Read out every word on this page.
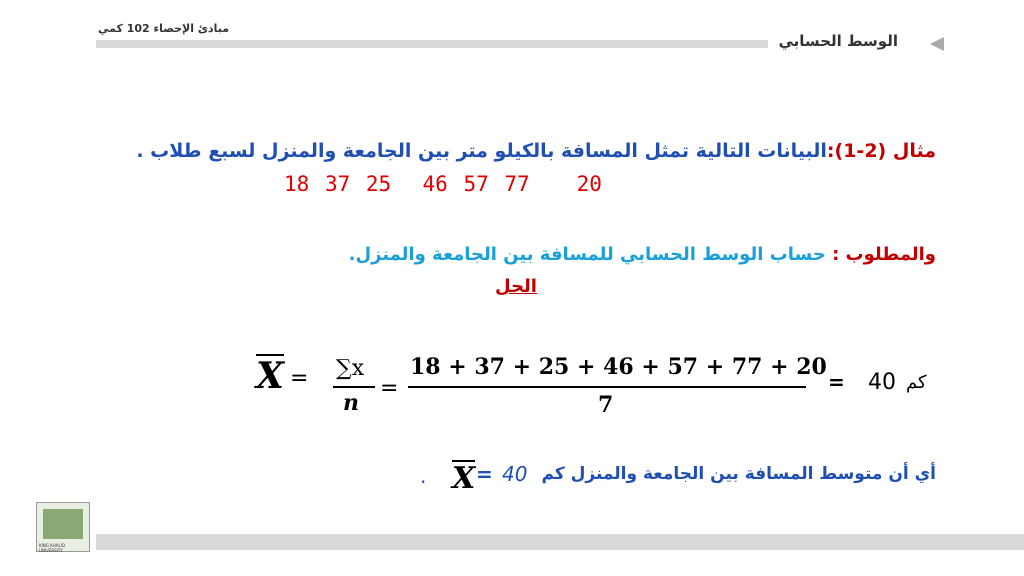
مبادئ الإحصاء 102 كمي
الوسط الحسابي
مثال (2-1):البيانات التالية تمثل المسافة بالكيلو متر بين الجامعة والمنزل لسبع طلاب .
18 37 25 46 57 77 20
والمطلوب : حساب الوسط الحسابي للمسافة بين الجامعة والمنزل.
الحل
X = ∑x
n
=
18 + 37 + 25 + 46 + 57 + 77 + 20
7
= 40 كم
أي أن متوسط المسافة بين الجامعة والمنزل كم
40
=
X
.
KING KHALID UNIVERSITY
